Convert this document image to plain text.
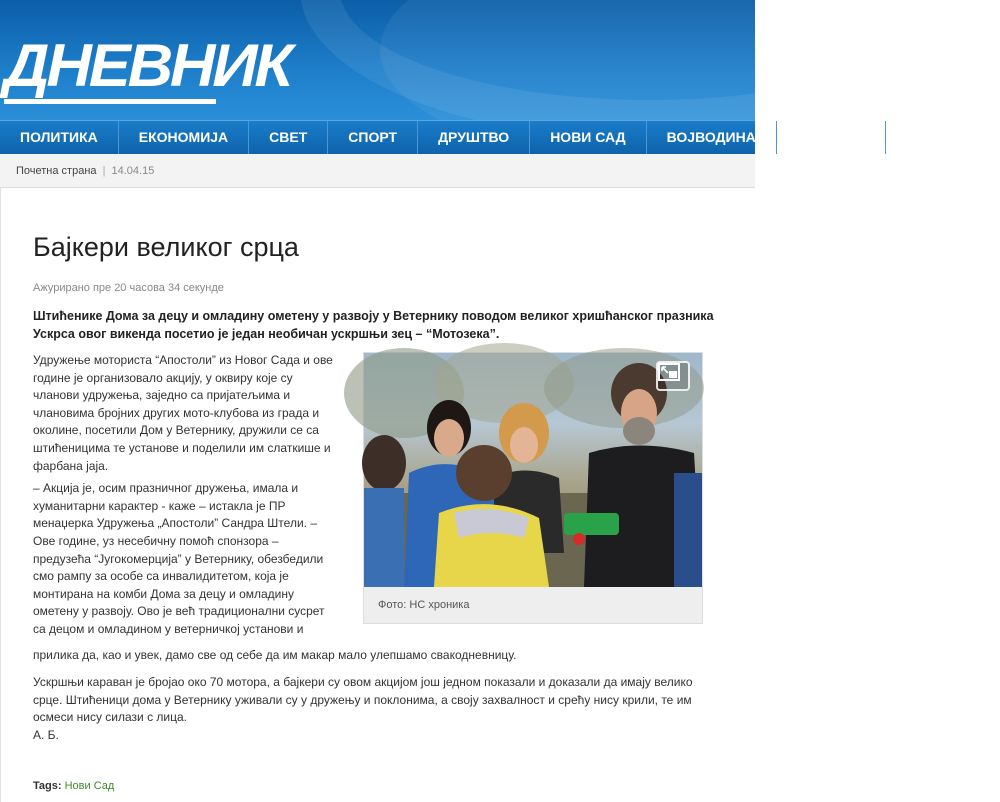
ДНЕВНИК
ПОЛИТИКА	ЕКОНОМИЈА	СВЕТ	СПОРТ	ДРУШТВО	НОВИ САД	ВОЈВОДИНА	ХРОНИКА
Почетна страна | 14.04.15
Бајкери великог срца
Ажурирано пре 20 часова 34 секунде
Штићенике Дома за децу и омладину ометену у развоју у Ветернику поводом великог хришћанског празника Ускрса овог викенда посетио је један необичан ускршњи зец – “Мотозека”.

Удружење моториста “Апостоли” из Новог Сада и ове године је организовало акцију, у оквиру које су чланови удружења, заједно са пријатељима и члановима бројних других мото-клубова из града и околине, посетили Дом у Ветернику, дружили се са штићеницима те установе и поделили им слаткише и фарбана јаја.

– Акција је, осим празничног дружења, имала и хуманитарни карактер - каже – истакла је ПР менаџерка Удружења „Апостоли” Сандра Штели. – Ове године, уз несебичну помоћ спонзора – предузећа “Југокомерција” у Ветернику, обезбедили смо рампу за особе са инвалидитетом, која је монтирана на комби Дома за децу и омладину ометену у развоју. Ово је већ традиционални сусрет са децом и омладином у ветерничкој установи и

прилика да, као и увек, дамо све од себе да им макар мало улепшамо свакодневницу.
Ускршњи караван је бројао око 70 мотора, а бајкери су овом акцијом још једном показали и доказали да имају велико срце. Штићеници дома у Ветернику уживали су у дружењу и поклонима, а своју захвалност и срећу нису крили, те им осмеси нису силази с лица.
А. Б.
Фото: НС хроника
Tags: Нови Сад
